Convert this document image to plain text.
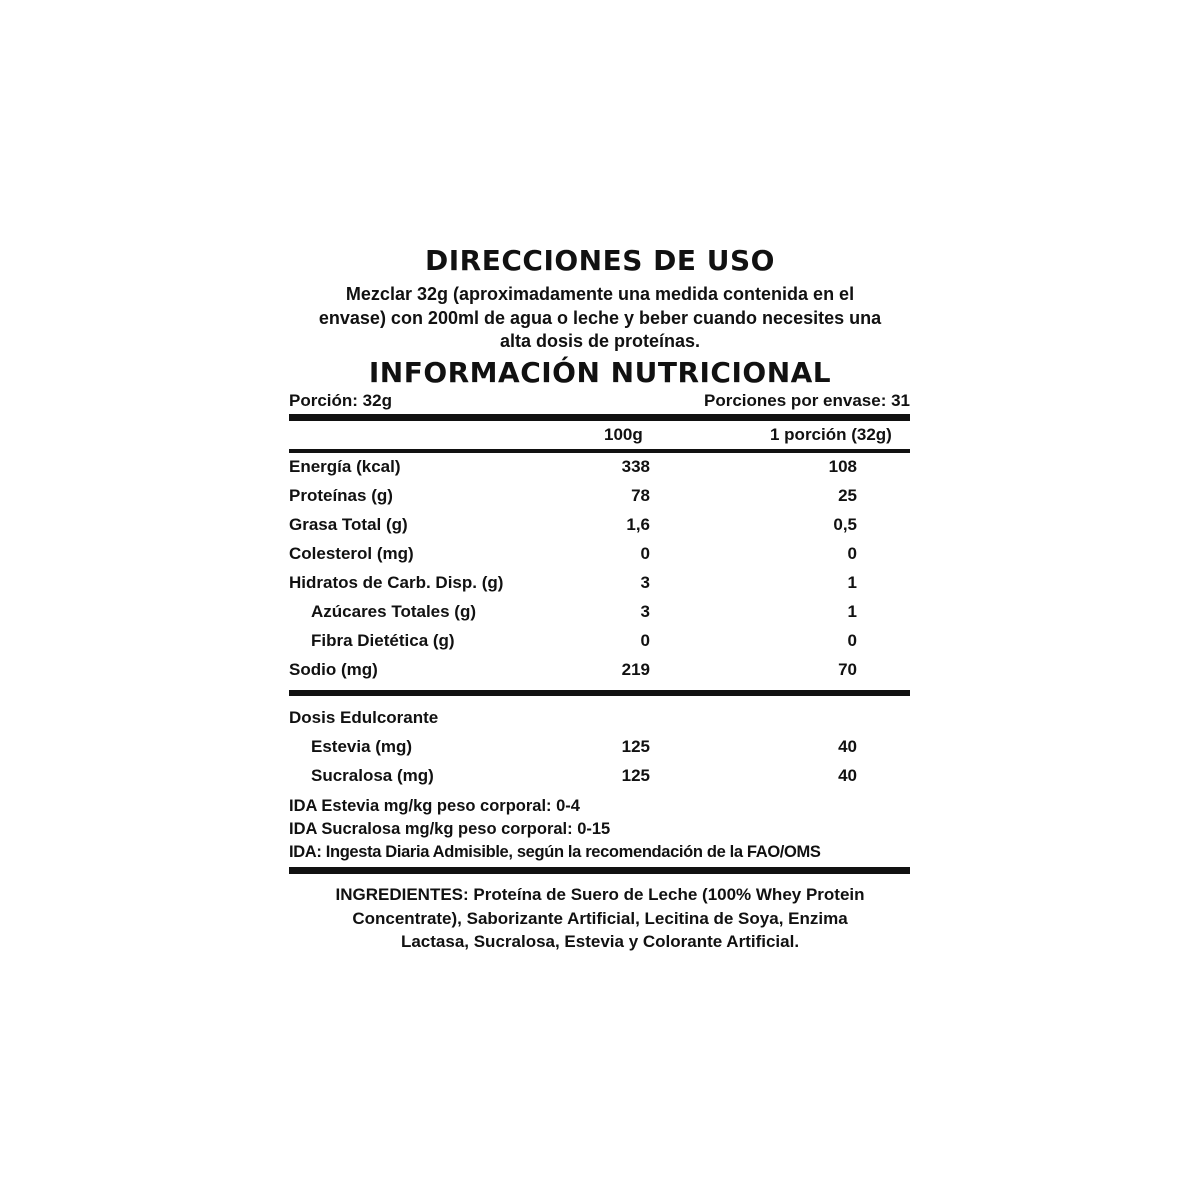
DIRECCIONES DE USO
Mezclar 32g (aproximadamente una medida contenida en el
envase) con 200ml de agua o leche y beber cuando necesites una
alta dosis de proteínas.
INFORMACIÓN NUTRICIONAL
Porción: 32g	Porciones por envase: 31
100g	1 porción (32g)
Energía (kcal)	338	108
Proteínas (g)	78	25
Grasa Total (g)	1,6	0,5
Colesterol (mg)	0	0
Hidratos de Carb. Disp. (g)	3	1
Azúcares Totales (g)	3	1
Fibra Dietética (g)	0	0
Sodio (mg)	219	70
Dosis Edulcorante
Estevia (mg)	125	40
Sucralosa (mg)	125	40
IDA Estevia mg/kg peso corporal: 0-4
IDA Sucralosa mg/kg peso corporal: 0-15
IDA: Ingesta Diaria Admisible, según la recomendación de la FAO/OMS
INGREDIENTES: Proteína de Suero de Leche (100% Whey Protein
Concentrate), Saborizante Artificial, Lecitina de Soya, Enzima
Lactasa, Sucralosa, Estevia y Colorante Artificial.
